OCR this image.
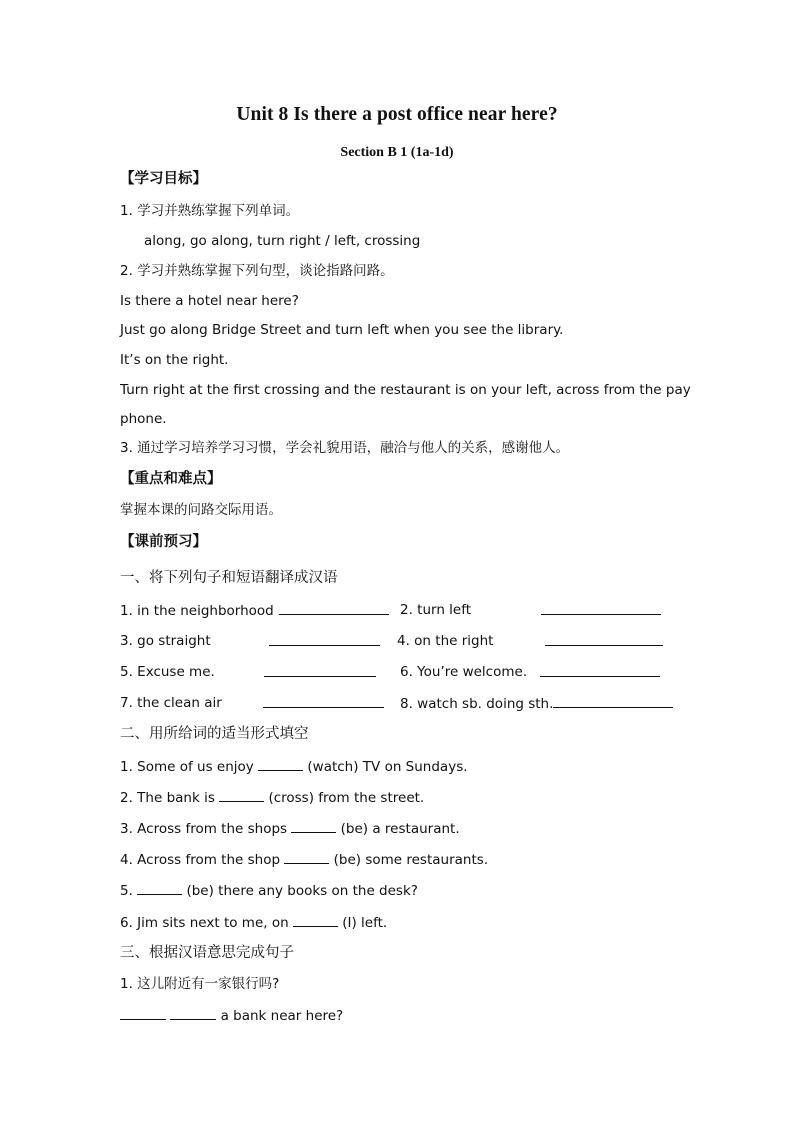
Unit 8 Is there a post office near here?
Section B 1 (1a-1d)
【学习目标】
1. 学习并熟练掌握下列单词。
along, go along, turn right / left, crossing
2. 学习并熟练掌握下列句型，谈论指路问路。
Is there a hotel near here?
Just go along Bridge Street and turn left when you see the library.
It’s on the right.
Turn right at the first crossing and the restaurant is on your left, across from the pay
phone.
3. 通过学习培养学习习惯，学会礼貌用语，融洽与他人的关系，感谢他人。
【重点和难点】
掌握本课的问路交际用语。
【课前预习】
一、将下列句子和短语翻译成汉语
1. in the neighborhood	2. turn left
3. go straight	4. on the right
5. Excuse me.	6. You’re welcome.
7. the clean air	8. watch sb. doing sth.
二、用所给词的适当形式填空
1. Some of us enjoy	(watch) TV on Sundays.
2. The bank is	(cross) from the street.
3. Across from the shops	(be) a restaurant.
4. Across from the shop	(be) some restaurants.
5.	(be) there any books on the desk?
6. Jim sits next to me, on	(I) left.
三、根据汉语意思完成句子
1. 这儿附近有一家银行吗?
a bank near here?
